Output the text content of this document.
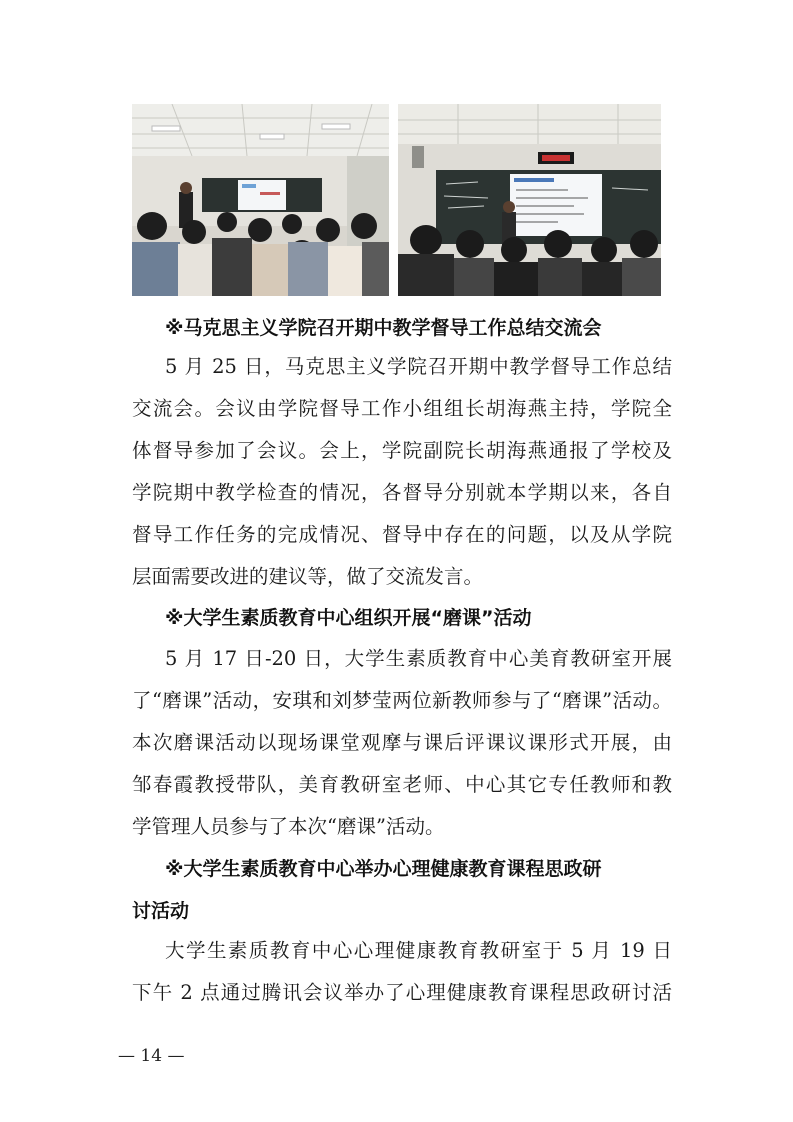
※马克思主义学院召开期中教学督导工作总结交流会
5 月 25 日，马克思主义学院召开期中教学督导工作总结
交流会。会议由学院督导工作小组组长胡海燕主持，学院全
体督导参加了会议。会上，学院副院长胡海燕通报了学校及
学院期中教学检查的情况，各督导分别就本学期以来，各自
督导工作任务的完成情况、督导中存在的问题，以及从学院
层面需要改进的建议等，做了交流发言。
※大学生素质教育中心组织开展“磨课”活动
5 月 17 日-20 日，大学生素质教育中心美育教研室开展
了“磨课”活动，安琪和刘梦莹两位新教师参与了“磨课”活动。
本次磨课活动以现场课堂观摩与课后评课议课形式开展，由
邹春霞教授带队，美育教研室老师、中心其它专任教师和教
学管理人员参与了本次“磨课”活动。
※大学生素质教育中心举办心理健康教育课程思政研
讨活动
大学生素质教育中心心理健康教育教研室于 5 月 19 日
下午 2 点通过腾讯会议举办了心理健康教育课程思政研讨活
— 14 —
